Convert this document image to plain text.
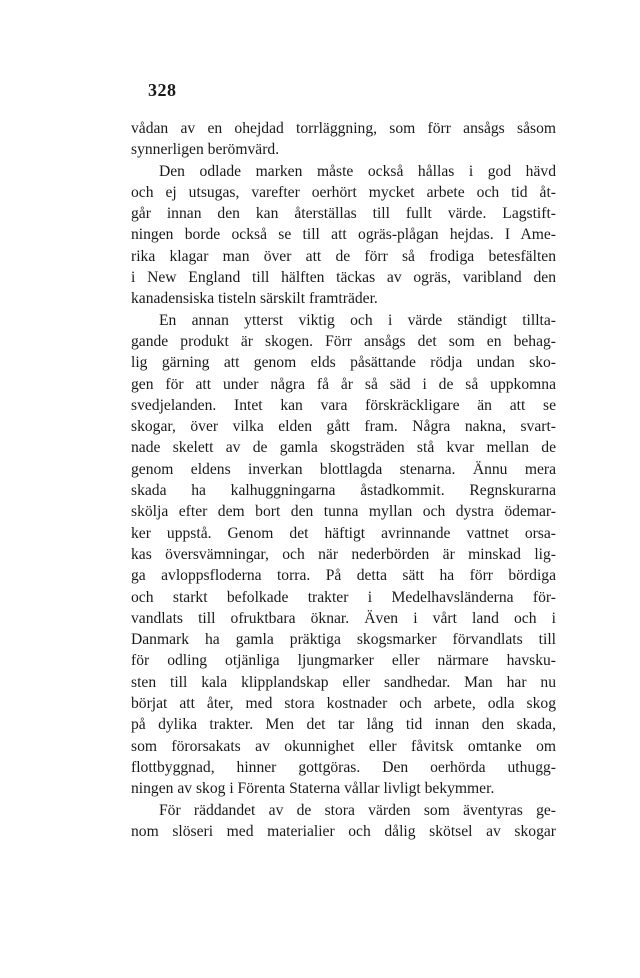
328
vådan av en ohejdad torrläggning, som förr ansågs såsom
synnerligen berömvärd.
Den odlade marken måste också hållas i god hävd
och ej utsugas, varefter oerhört mycket arbete och tid åt-
går innan den kan återställas till fullt värde. Lagstift-
ningen borde också se till att ogräs-plågan hejdas. I Ame-
rika klagar man över att de förr så frodiga betesfälten
i New England till hälften täckas av ogräs, varibland den
kanadensiska tisteln särskilt framträder.
En annan ytterst viktig och i värde ständigt tillta-
gande produkt är skogen. Förr ansågs det som en behag-
lig gärning att genom elds påsättande rödja undan sko-
gen för att under några få år så säd i de så uppkomna
svedjelanden. Intet kan vara förskräckligare än att se
skogar, över vilka elden gått fram. Några nakna, svart-
nade skelett av de gamla skogsträden stå kvar mellan de
genom eldens inverkan blottlagda stenarna. Ännu mera
skada ha kalhuggningarna åstadkommit. Regnskurarna
skölja efter dem bort den tunna myllan och dystra ödemar-
ker uppstå. Genom det häftigt avrinnande vattnet orsa-
kas översvämningar, och när nederbörden är minskad lig-
ga avloppsfloderna torra. På detta sätt ha förr bördiga
och starkt befolkade trakter i Medelhavsländerna för-
vandlats till ofruktbara öknar. Även i vårt land och i
Danmark ha gamla präktiga skogsmarker förvandlats till
för odling otjänliga ljungmarker eller närmare havsku-
sten till kala klipplandskap eller sandhedar. Man har nu
börjat att åter, med stora kostnader och arbete, odla skog
på dylika trakter. Men det tar lång tid innan den skada,
som förorsakats av okunnighet eller fåvitsk omtanke om
flottbyggnad, hinner gottgöras. Den oerhörda uthugg-
ningen av skog i Förenta Staterna vållar livligt bekymmer.
För räddandet av de stora värden som äventyras ge-
nom slöseri med materialier och dålig skötsel av skogar
